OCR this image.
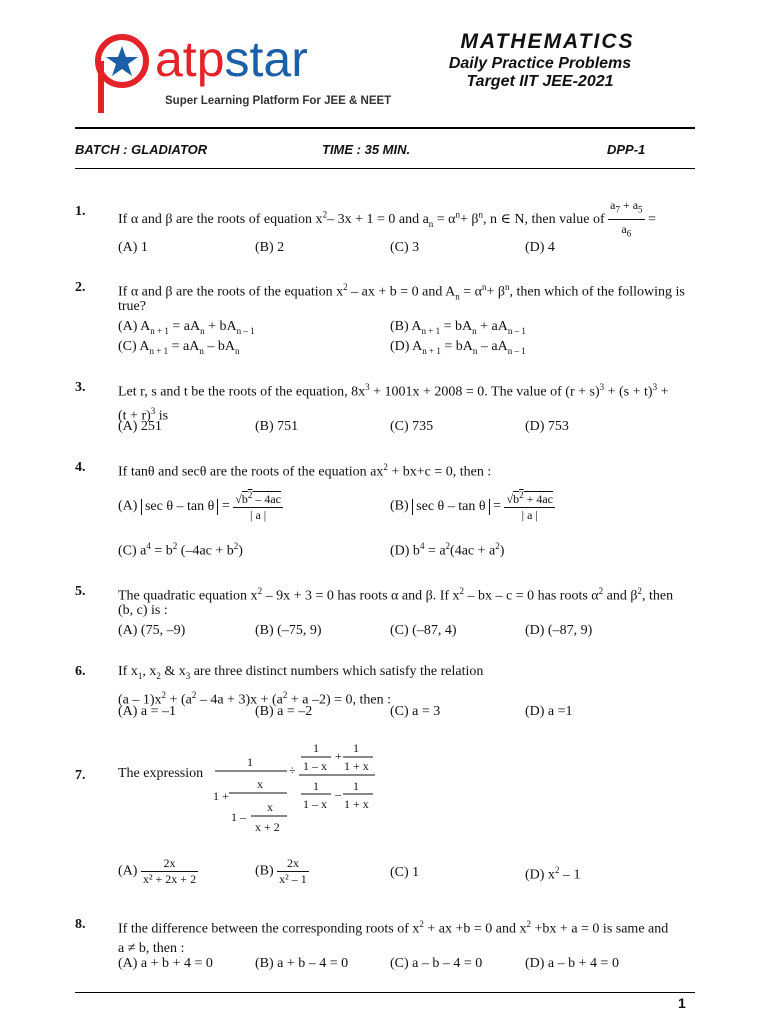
atpstar
Super Learning Platform For JEE & NEET
MATHEMATICS
Daily Practice Problems
Target IIT JEE-2021
BATCH : GLADIATOR	TIME : 35 MIN.	DPP-1
1.
If α and β are the roots of equation $x^2-$ 3x + 1 = 0 and $a_n = \alpha^n+ \beta^n$, n ∈ N, then value of $\frac{a_7 + a_5}{a_6}$ =
(A) 1	(B) 2	(C) 3	(D) 4
2. If α and β are the roots of the equation $x^2$ – ax + b = 0 and $A_n = \alpha^n+ \beta^n$, then which of the following is
true?
(A) $A_{n + 1} = aA_n + bA_{n - 1}$	(B) $A_{n + 1} = bA_n + aA_{n - 1}$
(C) $A_{n + 1} = aA_n - bA_n$	(D) $A_{n + 1} = bA_n - aA_{n - 1}$
3. Let r, s and t be the roots of the equation, $8x^3 + 1001x + 2008 = 0$. The value of $(r + s)^3 + (s + t)^3$ +
$(t + r)^3$ is
(A) 251	(B) 751	(C) 735	(D) 753
4. If tanθ and secθ are the roots of the equation $ax^2 + bx+c = 0$, then :
(A) $\sec \theta - \tan \theta = \frac{√b^2 - 4ac}{| a |}$	(B) $\sec \theta - \tan \theta = \frac{√b^2 + 4ac}{| a |}$
(C) $a^4 = b^2$ $(-4ac + b^2)$	(D) $b^4 = a^2(4ac + a^2)$
5. The quadratic equation $x^2 - 9x + 3 = 0$ has roots α and β. If $x^2$ – bx – c = 0 has roots $\alpha^2$ and $\beta^2$, then
(b, c) is :
(A) (75, –9)	(B) (–75, 9)	(C) (–87, 4)	(D) (–87, 9)
6. If $x_1$, $x_2$ & $x_3$ are three distinct numbers which satisfy the relation
$(a - 1)x^2 + (a^2 - 4a + 3)x + (a^2 + a$ –2) = 0, then :
(A) a = –1	(B) a = –2	(C) a = 3	(D) a =1
7. The expression
1
1 +
x
1 –
x
x + 2
÷
1
1 – x
+
1
1 + x
1
1 – x
–
1
1 + x
$(A) \frac{2x}{\text{x² + 2x + 2}}$	$(B) \frac{2x}{\text{x² – 1}}$	(C) 1	(D) $x^2 - 1$
8. If the difference between the corresponding roots of $x^2$ + ax +b = 0 and $x^2 +bx + a = 0$ is same and
a ≠ b, then :
(A) a + b + 4 = 0	(B) a + b – 4 = 0	(C) a – b – 4 = 0	(D) a – b + 4 = 0
1
